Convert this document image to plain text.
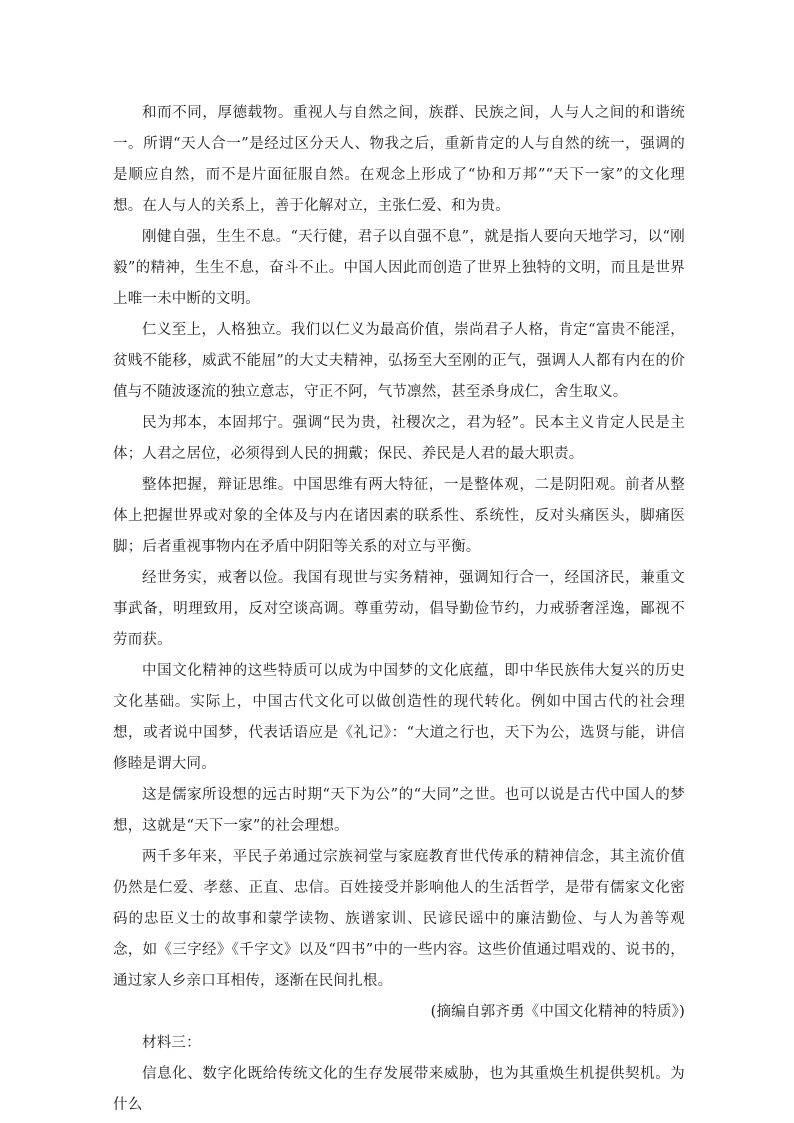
和而不同，厚德载物。重视人与自然之间，族群、民族之间，人与人之间的和谐统一。所谓“天人合一”是经过区分天人、物我之后，重新肯定的人与自然的统一，强调的是顺应自然，而不是片面征服自然。在观念上形成了“协和万邦”“天下一家”的文化理想。在人与人的关系上，善于化解对立，主张仁爱、和为贵。

刚健自强，生生不息。“天行健，君子以自强不息”，就是指人要向天地学习，以“刚毅”的精神，生生不息，奋斗不止。中国人因此而创造了世界上独特的文明，而且是世界上唯一未中断的文明。

仁义至上，人格独立。我们以仁义为最高价值，崇尚君子人格，肯定“富贵不能淫，贫贱不能移，威武不能屈”的大丈夫精神，弘扬至大至刚的正气，强调人人都有内在的价值与不随波逐流的独立意志，守正不阿，气节凛然，甚至杀身成仁，舍生取义。

民为邦本，本固邦宁。强调“民为贵，社稷次之，君为轻”。民本主义肯定人民是主体；人君之居位，必须得到人民的拥戴；保民、养民是人君的最大职责。

整体把握，辩证思维。中国思维有两大特征，一是整体观，二是阴阳观。前者从整体上把握世界或对象的全体及与内在诸因素的联系性、系统性，反对头痛医头，脚痛医脚；后者重视事物内在矛盾中阴阳等关系的对立与平衡。

经世务实，戒奢以俭。我国有现世与实务精神，强调知行合一，经国济民，兼重文事武备，明理致用，反对空谈高调。尊重劳动，倡导勤俭节约，力戒骄奢淫逸，鄙视不劳而获。

中国文化精神的这些特质可以成为中国梦的文化底蕴，即中华民族伟大复兴的历史文化基础。实际上，中国古代文化可以做创造性的现代转化。例如中国古代的社会理想，或者说中国梦，代表话语应是《礼记》：“大道之行也，天下为公，选贤与能，讲信修睦是谓大同。

这是儒家所设想的远古时期“天下为公”的“大同”之世。也可以说是古代中国人的梦想，这就是“天下一家”的社会理想。

两千多年来，平民子弟通过宗族祠堂与家庭教育世代传承的精神信念，其主流价值仍然是仁爱、孝慈、正直、忠信。百姓接受并影响他人的生活哲学，是带有儒家文化密码的忠臣义士的故事和蒙学读物、族谱家训、民谚民谣中的廉洁勤俭、与人为善等观念，如《三字经》《千字文》以及“四书”中的一些内容。这些价值通过唱戏的、说书的，通过家人乡亲口耳相传，逐渐在民间扎根。

(摘编自郭齐勇《中国文化精神的特质》)

材料三：

信息化、数字化既给传统文化的生存发展带来威胁，也为其重焕生机提供契机。为什么
